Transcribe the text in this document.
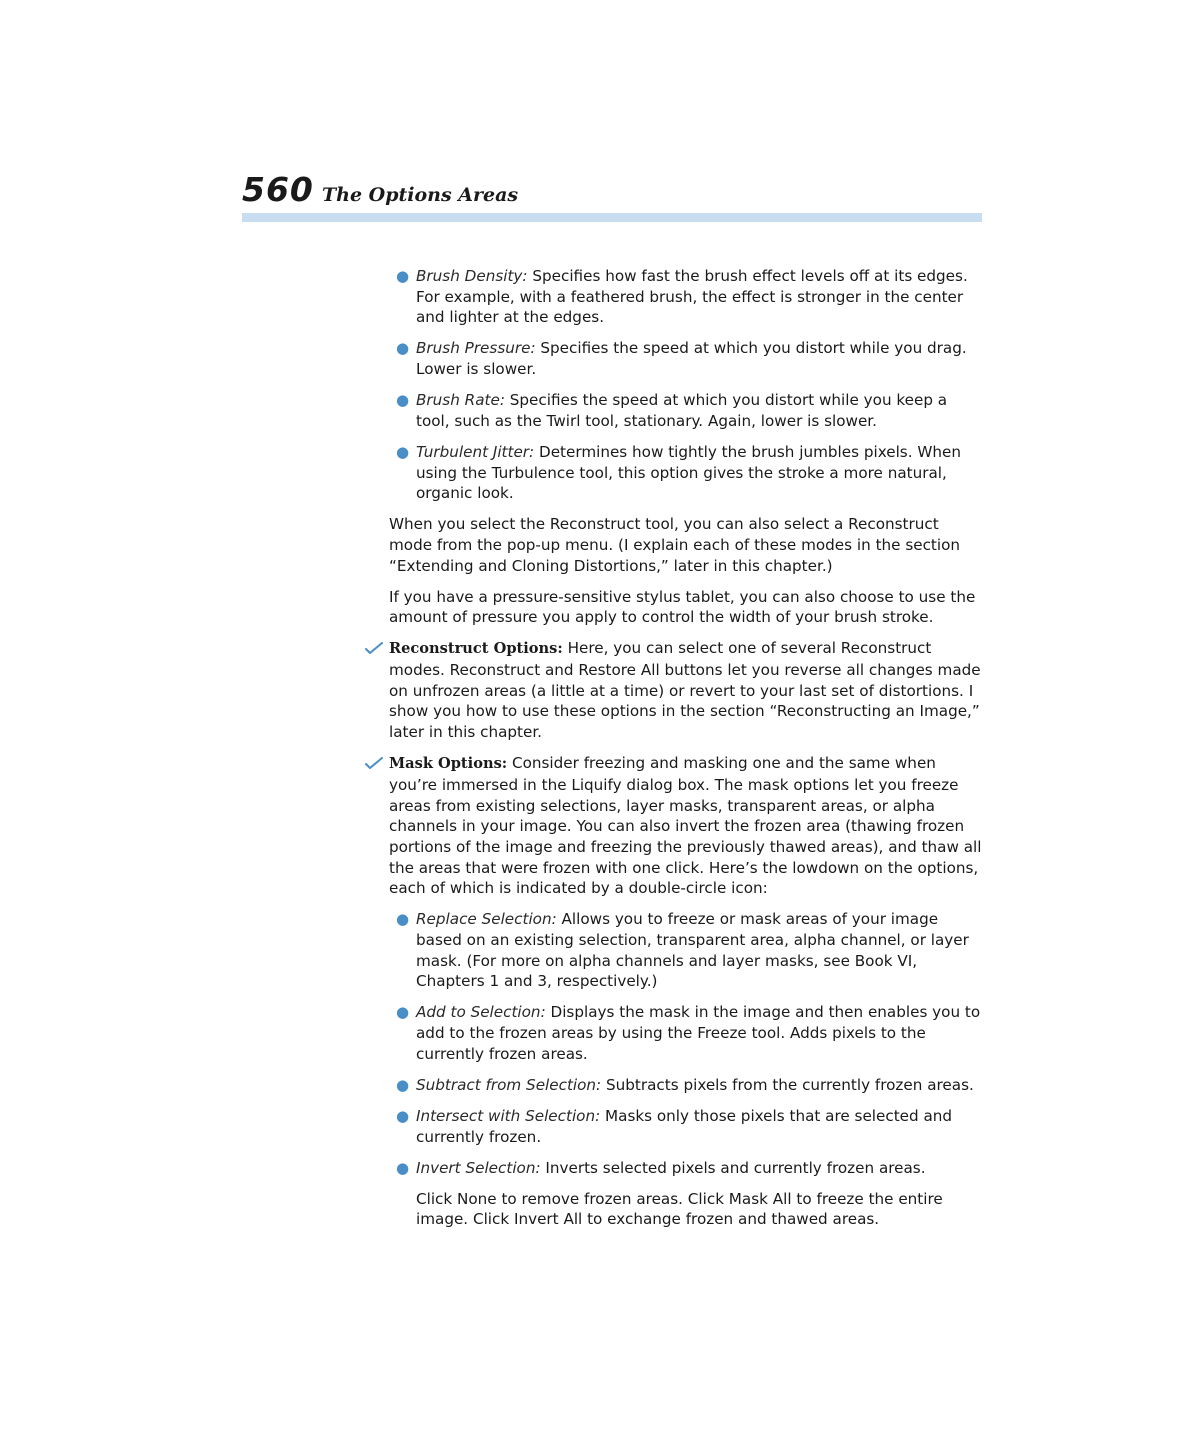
560 The Options Areas
● Brush Density: Specifies how fast the brush effect levels off at its edges. For example, with a feathered brush, the effect is stronger in the center and lighter at the edges.
● Brush Pressure: Specifies the speed at which you distort while you drag. Lower is slower.
● Brush Rate: Specifies the speed at which you distort while you keep a tool, such as the Twirl tool, stationary. Again, lower is slower.
● Turbulent Jitter: Determines how tightly the brush jumbles pixels. When using the Turbulence tool, this option gives the stroke a more natural, organic look.
When you select the Reconstruct tool, you can also select a Reconstruct mode from the pop-up menu. (I explain each of these modes in the section “Extending and Cloning Distortions,” later in this chapter.)
If you have a pressure-sensitive stylus tablet, you can also choose to use the amount of pressure you apply to control the width of your brush stroke.
Reconstruct Options: Here, you can select one of several Reconstruct modes. Reconstruct and Restore All buttons let you reverse all changes made on unfrozen areas (a little at a time) or revert to your last set of distortions. I show you how to use these options in the section “Reconstructing an Image,” later in this chapter.
Mask Options: Consider freezing and masking one and the same when you’re immersed in the Liquify dialog box. The mask options let you freeze areas from existing selections, layer masks, transparent areas, or alpha channels in your image. You can also invert the frozen area (thawing frozen portions of the image and freezing the previously thawed areas), and thaw all the areas that were frozen with one click. Here’s the lowdown on the options, each of which is indicated by a double-circle icon:
● Replace Selection: Allows you to freeze or mask areas of your image based on an existing selection, transparent area, alpha channel, or layer mask. (For more on alpha channels and layer masks, see Book VI, Chapters 1 and 3, respectively.)
● Add to Selection: Displays the mask in the image and then enables you to add to the frozen areas by using the Freeze tool. Adds pixels to the currently frozen areas.
● Subtract from Selection: Subtracts pixels from the currently frozen areas.
● Intersect with Selection: Masks only those pixels that are selected and currently frozen.
● Invert Selection: Inverts selected pixels and currently frozen areas.
Click None to remove frozen areas. Click Mask All to freeze the entire image. Click Invert All to exchange frozen and thawed areas.
